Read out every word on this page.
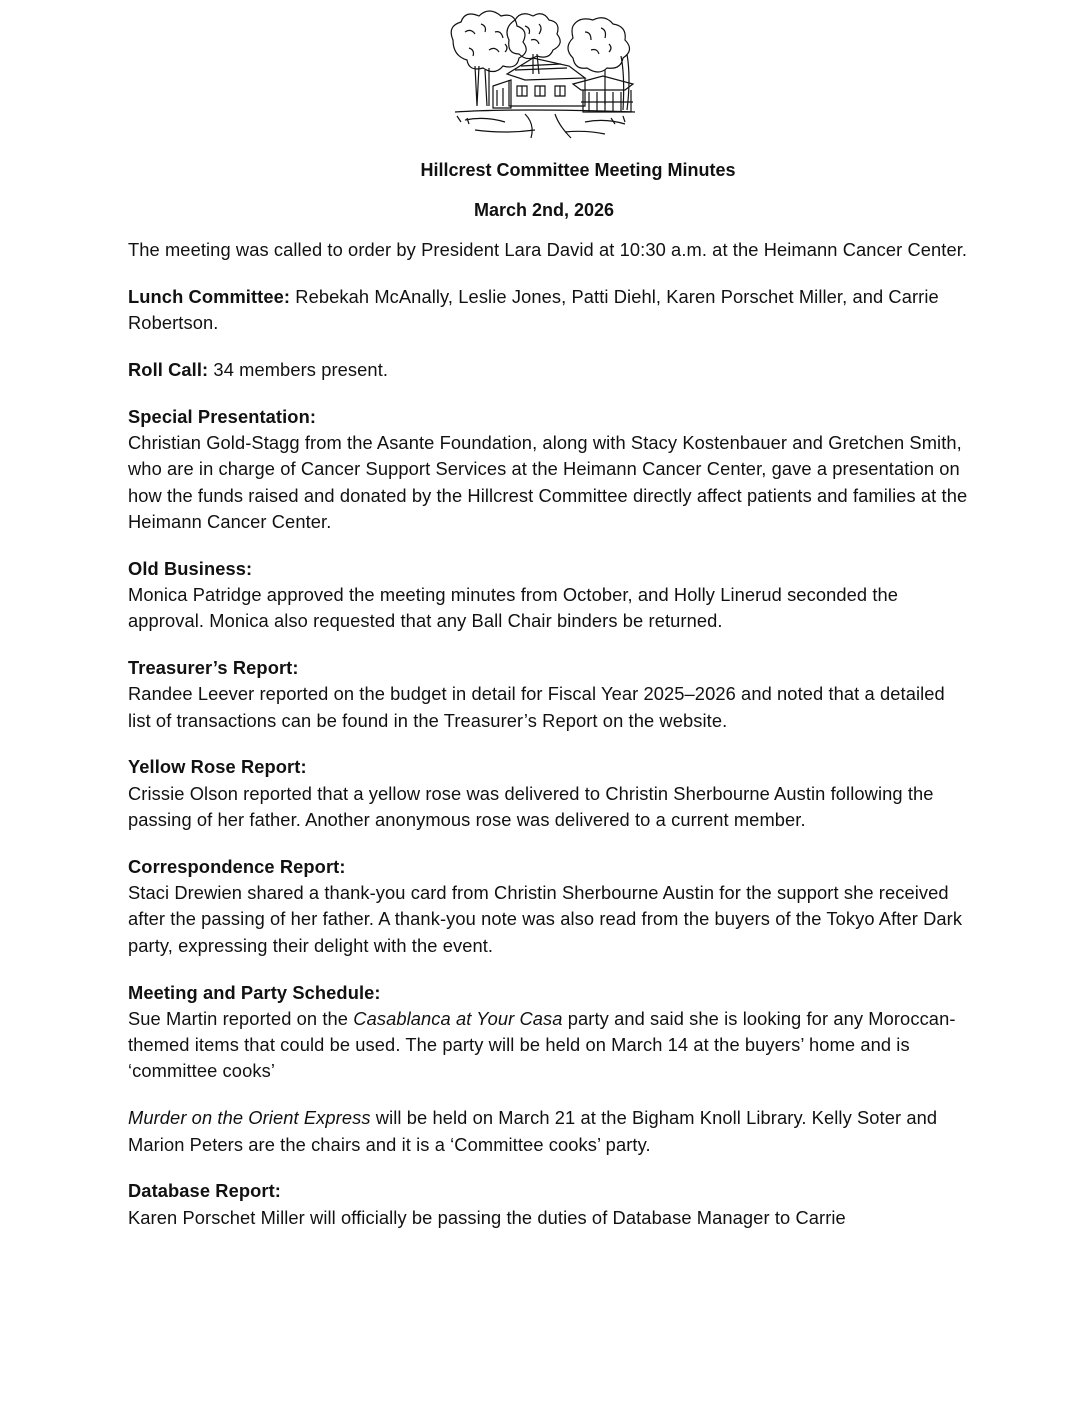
Hillcrest Committee Meeting Minutes
March 2nd, 2026

The meeting was called to order by President Lara David at 10:30 a.m. at the Heimann Cancer Center.

Lunch Committee: Rebekah McAnally, Leslie Jones, Patti Diehl, Karen Porschet Miller, and Carrie Robertson.

Roll Call: 34 members present.

Special Presentation:
Christian Gold-Stagg from the Asante Foundation, along with Stacy Kostenbauer and Gretchen Smith, who are in charge of Cancer Support Services at the Heimann Cancer Center, gave a presentation on how the funds raised and donated by the Hillcrest Committee directly affect patients and families at the Heimann Cancer Center.
Old Business:
Monica Patridge approved the meeting minutes from October, and Holly Linerud seconded the approval. Monica also requested that any Ball Chair binders be returned.
Treasurer’s Report:
Randee Leever reported on the budget in detail for Fiscal Year 2025–2026 and noted that a detailed list of transactions can be found in the Treasurer’s Report on the website.
Yellow Rose Report:
Crissie Olson reported that a yellow rose was delivered to Christin Sherbourne Austin following the passing of her father. Another anonymous rose was delivered to a current member.
Correspondence Report:
Staci Drewien shared a thank-you card from Christin Sherbourne Austin for the support she received after the passing of her father. A thank-you note was also read from the buyers of the Tokyo After Dark party, expressing their delight with the event.
Meeting and Party Schedule:
Sue Martin reported on the Casablanca at Your Casa party and said she is looking for any Moroccan-themed items that could be used. The party will be held on March 14 at the buyers’ home and is ‘committee cooks’
Murder on the Orient Express will be held on March 21 at the Bigham Knoll Library. Kelly Soter and Marion Peters are the chairs and it is a ‘Committee cooks’ party.
Database Report:
Karen Porschet Miller will officially be passing the duties of Database Manager to Carrie
